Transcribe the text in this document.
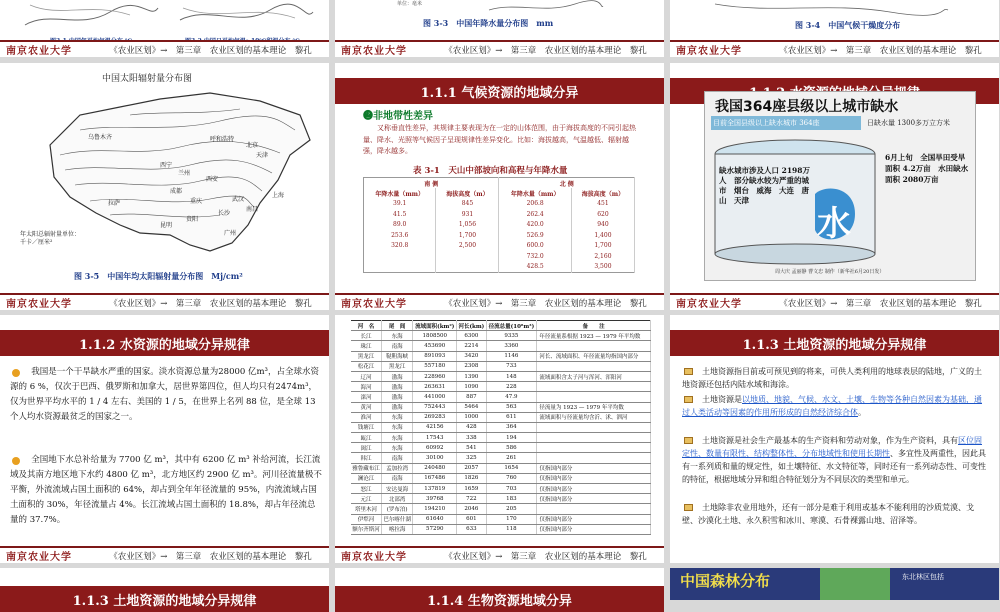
南京农业大学	《农业区划》→　第三章　农业区划的基本理论　黎孔
单位：毫米
图 3-3　中国年降水量分布图　mm
南京农业大学	《农业区划》→　第三章　农业区划的基本理论　黎孔
图 3-4　中国气候干燥度分布
南京农业大学	《农业区划》→　第三章　农业区划的基本理论　黎孔
中国太阳辐射量分布图
北京
天津
上海
拉萨
西宁
兰州
西安
武汉
重庆
广州
昆明
贵阳
成都
长沙
南昌
乌鲁木齐	呼和浩特
年太阳总辐射量单位：
千卡／厘米²
图 3-5　中国年均太阳辐射量分布图　Mj/cm²
南京农业大学	《农业区划》→　第三章　农业区划的基本理论　黎孔
1.1.1 气候资源的地域分异
❷非地带性差异
又称垂直性差异，其规律主要表现为在一定的山体范围，由于海拔高度的不同引起热量、降水、光照等气候因子呈现规律性差异变化。比如：海拔越高，气温越低、辐射越强，降水越多。
表 3-1　天山中部坡向和高程与年降水量
南 侧		北 侧	
年降水量（mm）	海拔高度（m）	年降水量（mm）	海拔高度（m）
39.1	845	206.8	451
41.5	931	262.4	620
89.0	1,056	420.0	940
253.6	1,700	526.9	1,400
320.8	2,500	600.0	1,700
		732.0	2,160
		428.5	3,500
南京农业大学	《农业区划》→　第三章　农业区划的基本理论　黎孔
我国364座县级以上城市缺水
目前全国县级以上缺水城市 364座	日缺水量 1300多万立方米
缺水城市涉及人口 2198万人　部分缺水较为严重的城市　烟台　威海　大连　唐山　天津
水
6月上旬　全国旱田受旱面积 4.2万亩　水田缺水面积 2080万亩
周大庆 孟丽静 曹文忠 制作（新华社6月20日发）
南京农业大学	《农业区划》→　第三章　农业区划的基本理论　黎孔
1.1.2 水资源的地域分异规律
我国是一个干旱缺水严重的国家。淡水资源总量为28000 亿m³，占全球水资源的 6 %，仅次于巴西、俄罗斯和加拿大，居世界第四位，但人均只有2474m³，仅为世界平均水平的 1 / 4 左右、美国的 1 / 5，在世界上名列 88 位，是全球 13 个人均水资源最贫乏的国家之一。
全国地下水总补给量为 7700 亿 m³，其中有 6200 亿 m³ 补给河流，长江流域及其南方地区地下水约 4800 亿 m³，北方地区约 2900 亿 m³。河川径流量极不平衡，外流流域占国土面积的 64%，却占到全年年径流量的 95%，内流流域占国土面积的 30%，年径流量占 4%。长江流域占国土面积的 18.8%，却占年径流总量的 37.7%。
南京农业大学	《农业区划》→　第三章　农业区划的基本理论　黎孔
河　名	尾　闾	流域面积(km²)	河长(km)	径流总量(10⁸m³)	备　　注
长江	东海	1808500	6300	9335	年径流量系根据 1923 — 1979 年平均数
珠江	南海	453690	2214	3360	
黑龙江	鞑靼海峡	891093	3420	1146	河长、流域面积、年径流量均指国内部分
松花江	黑龙江	557180	2308	733	
辽河	渤海	228960	1390	148	流域面积含太子河与浑河、浑阳河
海河	渤海	263631	1090	228	
滦河	渤海	441000	887	47.9	
黄河	渤海	752443	5464	563	径流量为 1923 — 1979 年平均数
淮河	东海	269283	1000	611	流域面积与径流量均含沂、沭、泗河
钱塘江	东海	42156	428	364	
瓯江	东海	17543	338	194	
闽江	东海	60992	541	586	
韩江	南海	30100	325	261	
雅鲁藏布江	孟加拉湾	240480	2057	1654	仅指国内部分
澜沧江	南海	167486	1826	760	仅指国内部分
怒江	安达曼海	137819	1659	703	仅指国内部分
元江	北部湾	39768	722	183	仅指国内部分
塔里木河	(罗布泊)	194210	2046	205	
伊犁河	巴尔喀什湖	61640	601	170	仅指国内部分
额尔齐斯河	喀拉海	57290	633	118	仅指国内部分
南京农业大学	《农业区划》→　第三章　农业区划的基本理论　黎孔
1.1.3 土地资源的地域分异规律
土地资源指目前或可预见到的将来，可供人类利用的地球表层的陆地，广义的土地资源还包括内陆水域和海涂。
土地资源是以地质、地貌、气候、水文、土壤、生物等各种自然因素为基础，通过人类活动等因素的作用所形成的自然经济综合体。
土地资源是社会生产最基本的生产资料和劳动对象，作为生产资料，具有区位固定性、数量有限性、结构整体性、分布地域性和使用长期性、多宜性及两重性，因此具有一系列质和量的规定性，如土壤特征、水文特征等，同时还有一系列动态性、可变性的特征，根据地域分异和组合特征划分为不同层次的类型和单元。
土地除非农业用地外，还有一部分是难于利用或基本不能利用的沙质荒漠、戈壁、沙漠化土地、永久积雪和冰川、寒漠、石骨裸露山地、沼泽等。
1.1.3 土地资源的地域分异规律	1.1.4 生物资源地域分异
中国森林分布	东北林区包括
